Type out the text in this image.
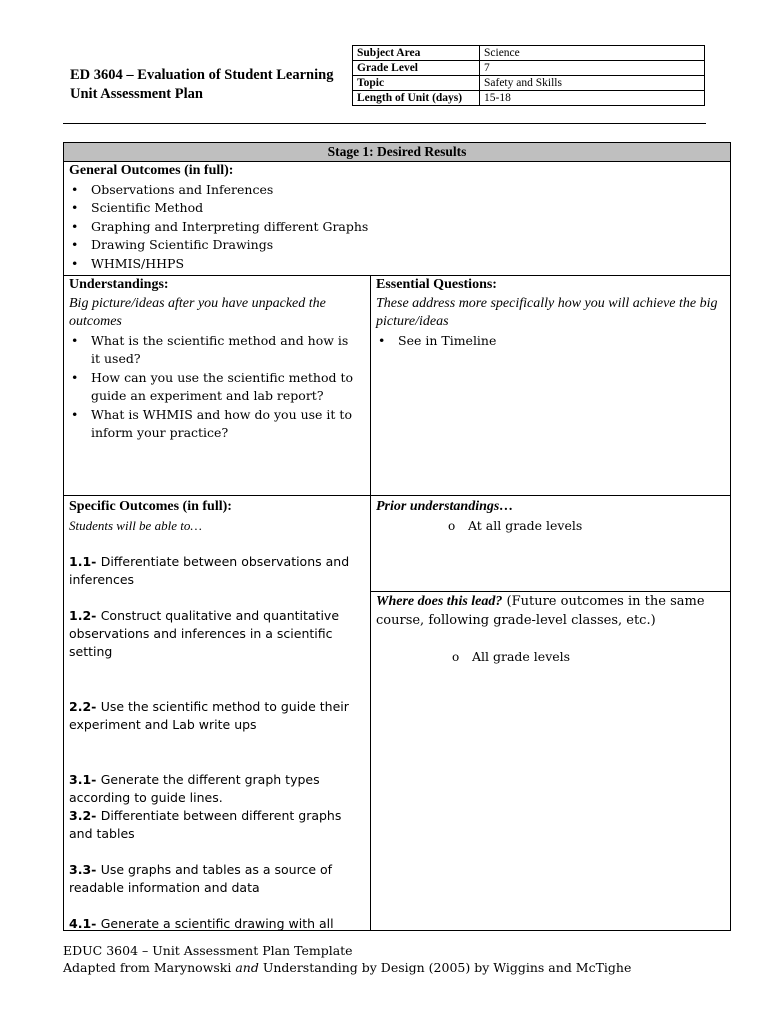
ED 3604 – Evaluation of Student Learning
Unit Assessment Plan
Subject Area	Science
Grade Level	7
Topic	Safety and Skills
Length of Unit (days)	15-18
Stage 1: Desired Results
General Outcomes (in full):
• Observations and Inferences
• Scientific Method
• Graphing and Interpreting different Graphs
• Drawing Scientific Drawings
• WHMIS/HHPS
Understandings:
Big picture/ideas after you have unpacked the outcomes
• What is the scientific method and how is it used?
• How can you use the scientific method to guide an experiment and lab report?
• What is WHMIS and how do you use it to inform your practice?
Essential Questions:
These address more specifically how you will achieve the big picture/ideas
• See in Timeline
Specific Outcomes (in full):
Students will be able to…
1.1- Differentiate between observations and inferences
1.2- Construct qualitative and quantitative observations and inferences in a scientific setting
2.2- Use the scientific method to guide their experiment and Lab write ups
3.1- Generate the different graph types according to guide lines.
3.2- Differentiate between different graphs and tables
3.3- Use graphs and tables as a source of readable information and data
4.1- Generate a scientific drawing with all
Prior understandings…
o At all grade levels
Where does this lead? (Future outcomes in the same course, following grade-level classes, etc.)
o All grade levels
EDUC 3604 – Unit Assessment Plan Template
Adapted from Marynowski and Understanding by Design (2005) by Wiggins and McTighe
